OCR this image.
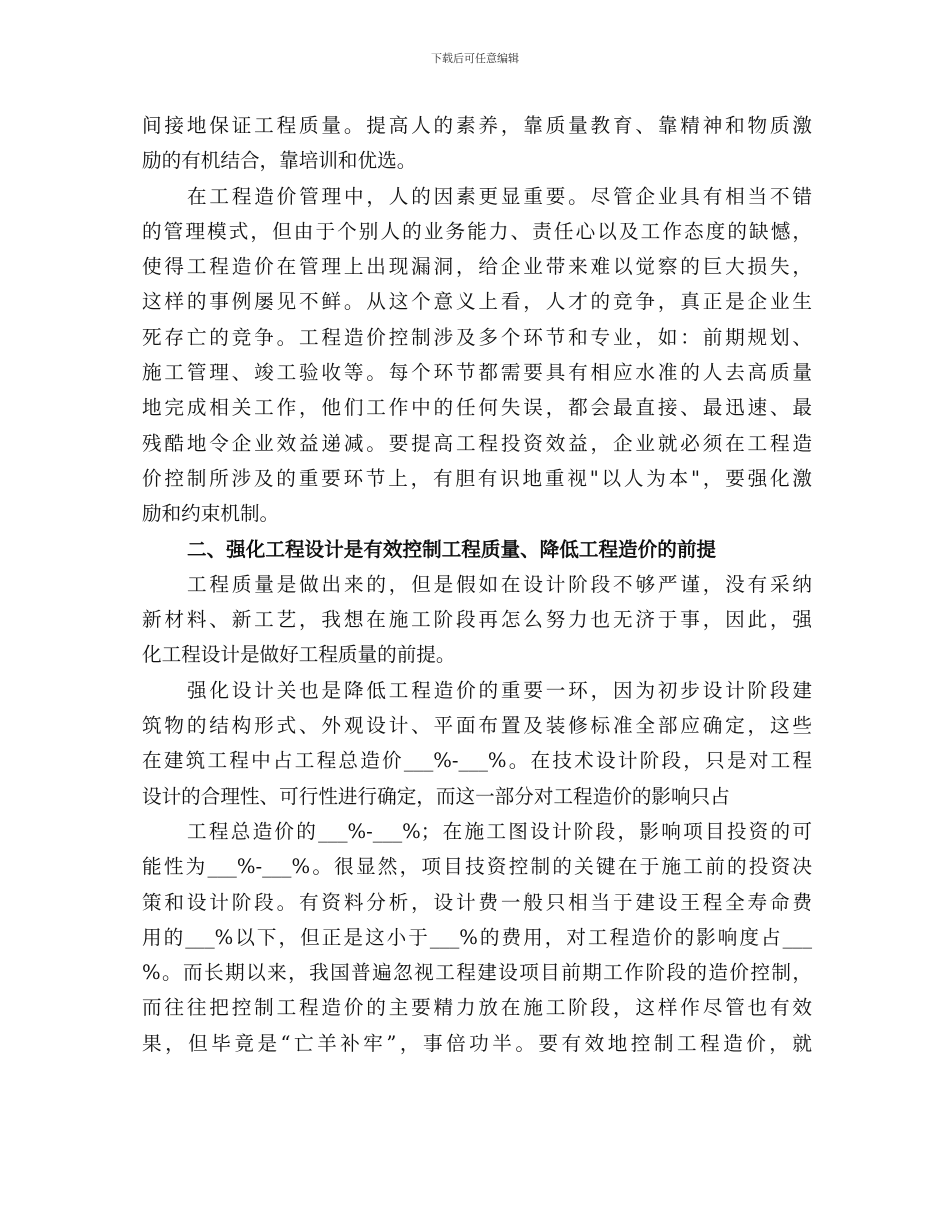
下载后可任意编辑
间接地保证工程质量。提高人的素养，靠质量教育、靠精神和物质激
励的有机结合，靠培训和优选。
在工程造价管理中，人的因素更显重要。尽管企业具有相当不错
的管理模式，但由于个别人的业务能力、责任心以及工作态度的缺憾，
使得工程造价在管理上出现漏洞，给企业带来难以觉察的巨大损失，
这样的事例屡见不鲜。从这个意义上看，人才的竞争，真正是企业生
死存亡的竞争。工程造价控制涉及多个环节和专业，如：前期规划、
施工管理、竣工验收等。每个环节都需要具有相应水准的人去高质量
地完成相关工作，他们工作中的任何失误，都会最直接、最迅速、最
残酷地令企业效益递减。要提高工程投资效益，企业就必须在工程造
价控制所涉及的重要环节上，有胆有识地重视"以人为本"，要强化激
励和约束机制。
二、强化工程设计是有效控制工程质量、降低工程造价的前提
工程质量是做出来的，但是假如在设计阶段不够严谨，没有采纳
新材料、新工艺，我想在施工阶段再怎么努力也无济于事，因此，强
化工程设计是做好工程质量的前提。
强化设计关也是降低工程造价的重要一环，因为初步设计阶段建
筑物的结构形式、外观设计、平面布置及装修标准全部应确定，这些
在建筑工程中占工程总造价___%-___%。在技术设计阶段，只是对工程
设计的合理性、可行性进行确定，而这一部分对工程造价的影响只占
工程总造价的___%-___%；在施工图设计阶段，影响项目投资的可
能性为___%-___%。很显然，项目技资控制的关键在于施工前的投资决
策和设计阶段。有资料分析，设计费一般只相当于建设王程全寿命费
用的___%以下，但正是这小于___%的费用，对工程造价的影响度占___
%。而长期以来，我国普遍忽视工程建设项目前期工作阶段的造价控制，
而往往把控制工程造价的主要精力放在施工阶段，这样作尽管也有效
果，但毕竟是“亡羊补牢”，事倍功半。要有效地控制工程造价，就
